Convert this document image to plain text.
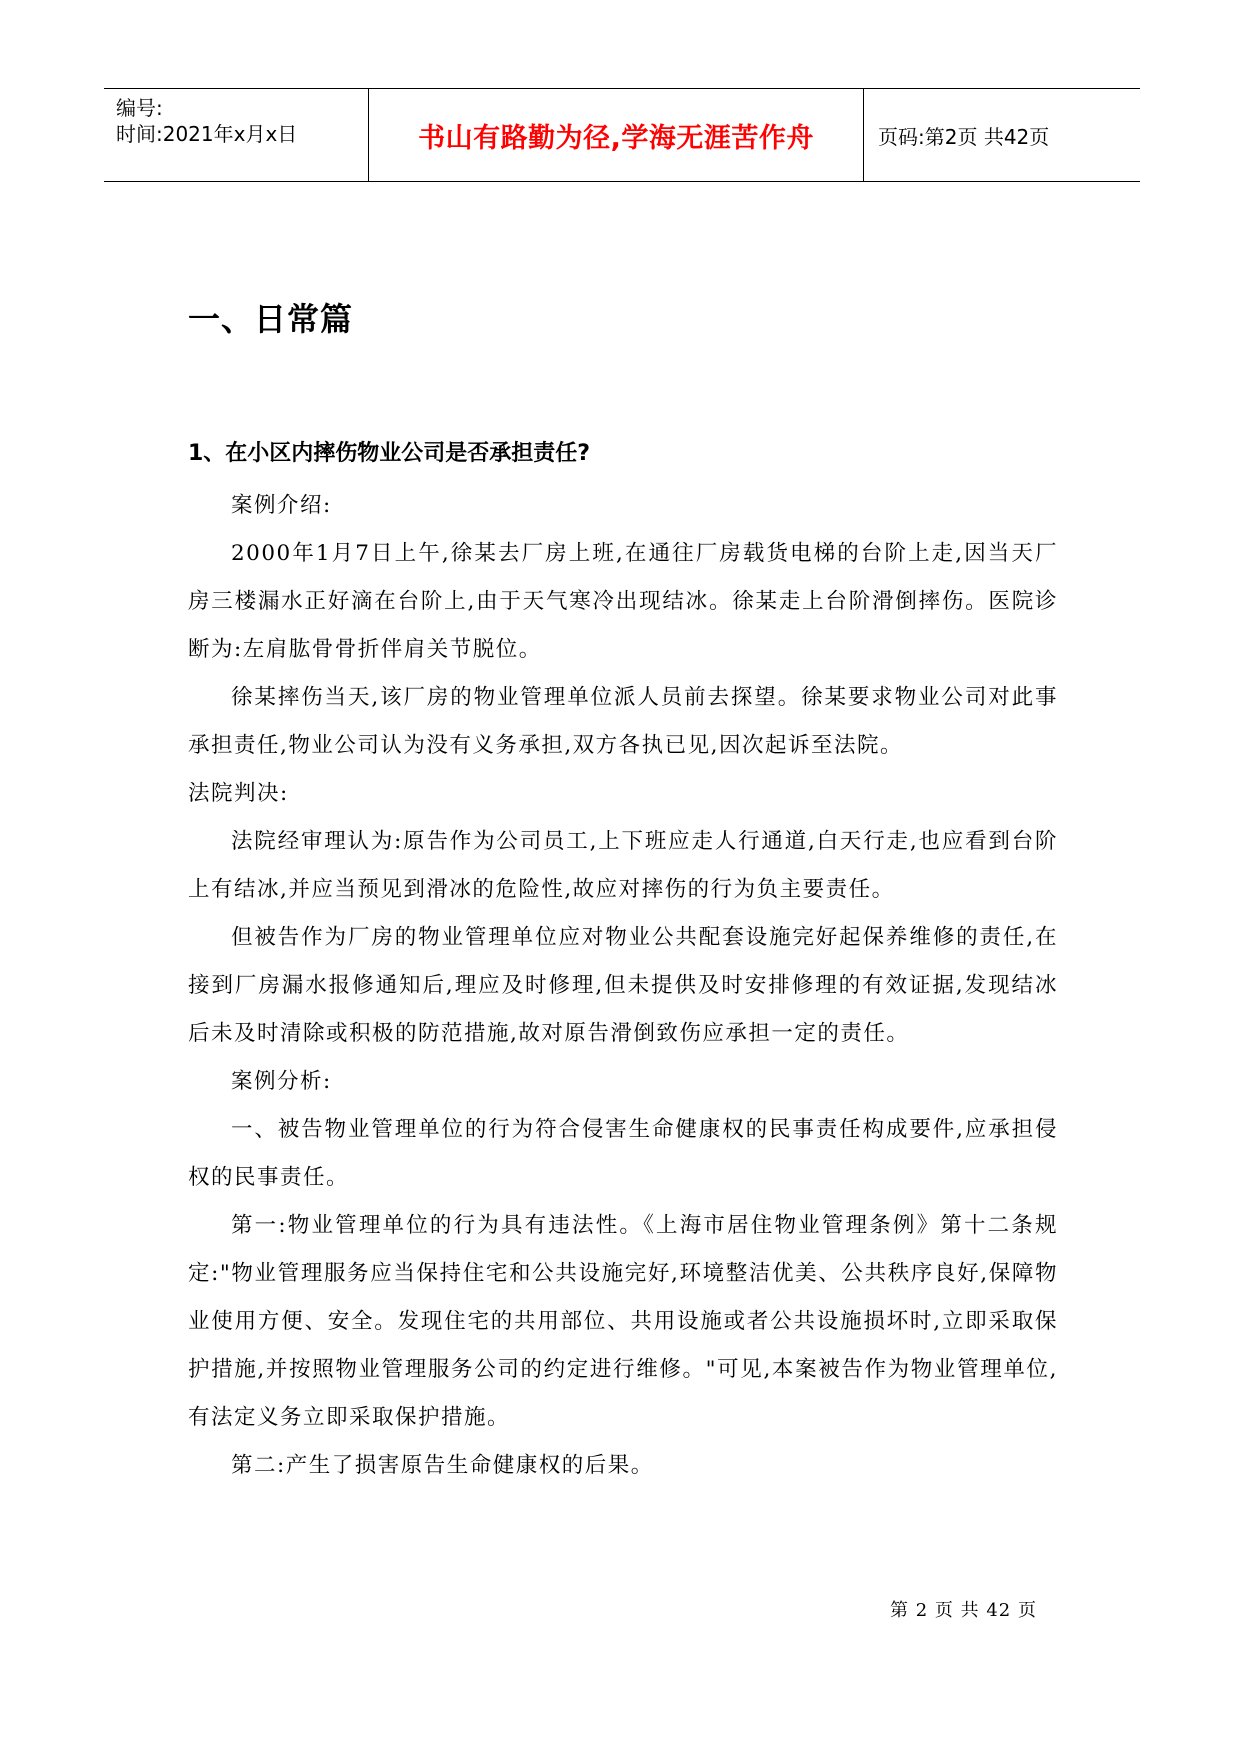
编号:
时间:2021年x月x日	书山有路勤为径,学海无涯苦作舟	页码:第2页 共42页
一、日常篇
1、在小区内摔伤物业公司是否承担责任?

案例介绍:

2000年1月7日上午,徐某去厂房上班,在通往厂房载货电梯的台阶上走,因当天厂房三楼漏水正好滴在台阶上,由于天气寒冷出现结冰。徐某走上台阶滑倒摔伤。医院诊断为:左肩肱骨骨折伴肩关节脱位。

徐某摔伤当天,该厂房的物业管理单位派人员前去探望。徐某要求物业公司对此事承担责任,物业公司认为没有义务承担,双方各执已见,因次起诉至法院。

法院判决:

法院经审理认为:原告作为公司员工,上下班应走人行通道,白天行走,也应看到台阶上有结冰,并应当预见到滑冰的危险性,故应对摔伤的行为负主要责任。

但被告作为厂房的物业管理单位应对物业公共配套设施完好起保养维修的责任,在接到厂房漏水报修通知后,理应及时修理,但未提供及时安排修理的有效证据,发现结冰后未及时清除或积极的防范措施,故对原告滑倒致伤应承担一定的责任。

案例分析:

一、被告物业管理单位的行为符合侵害生命健康权的民事责任构成要件,应承担侵权的民事责任。

第一:物业管理单位的行为具有违法性。《上海市居住物业管理条例》第十二条规定:"物业管理服务应当保持住宅和公共设施完好,环境整洁优美、公共秩序良好,保障物业使用方便、安全。发现住宅的共用部位、共用设施或者公共设施损坏时,立即采取保护措施,并按照物业管理服务公司的约定进行维修。"可见,本案被告作为物业管理单位,有法定义务立即采取保护措施。

第二:产生了损害原告生命健康权的后果。

第 2 页 共 42 页
